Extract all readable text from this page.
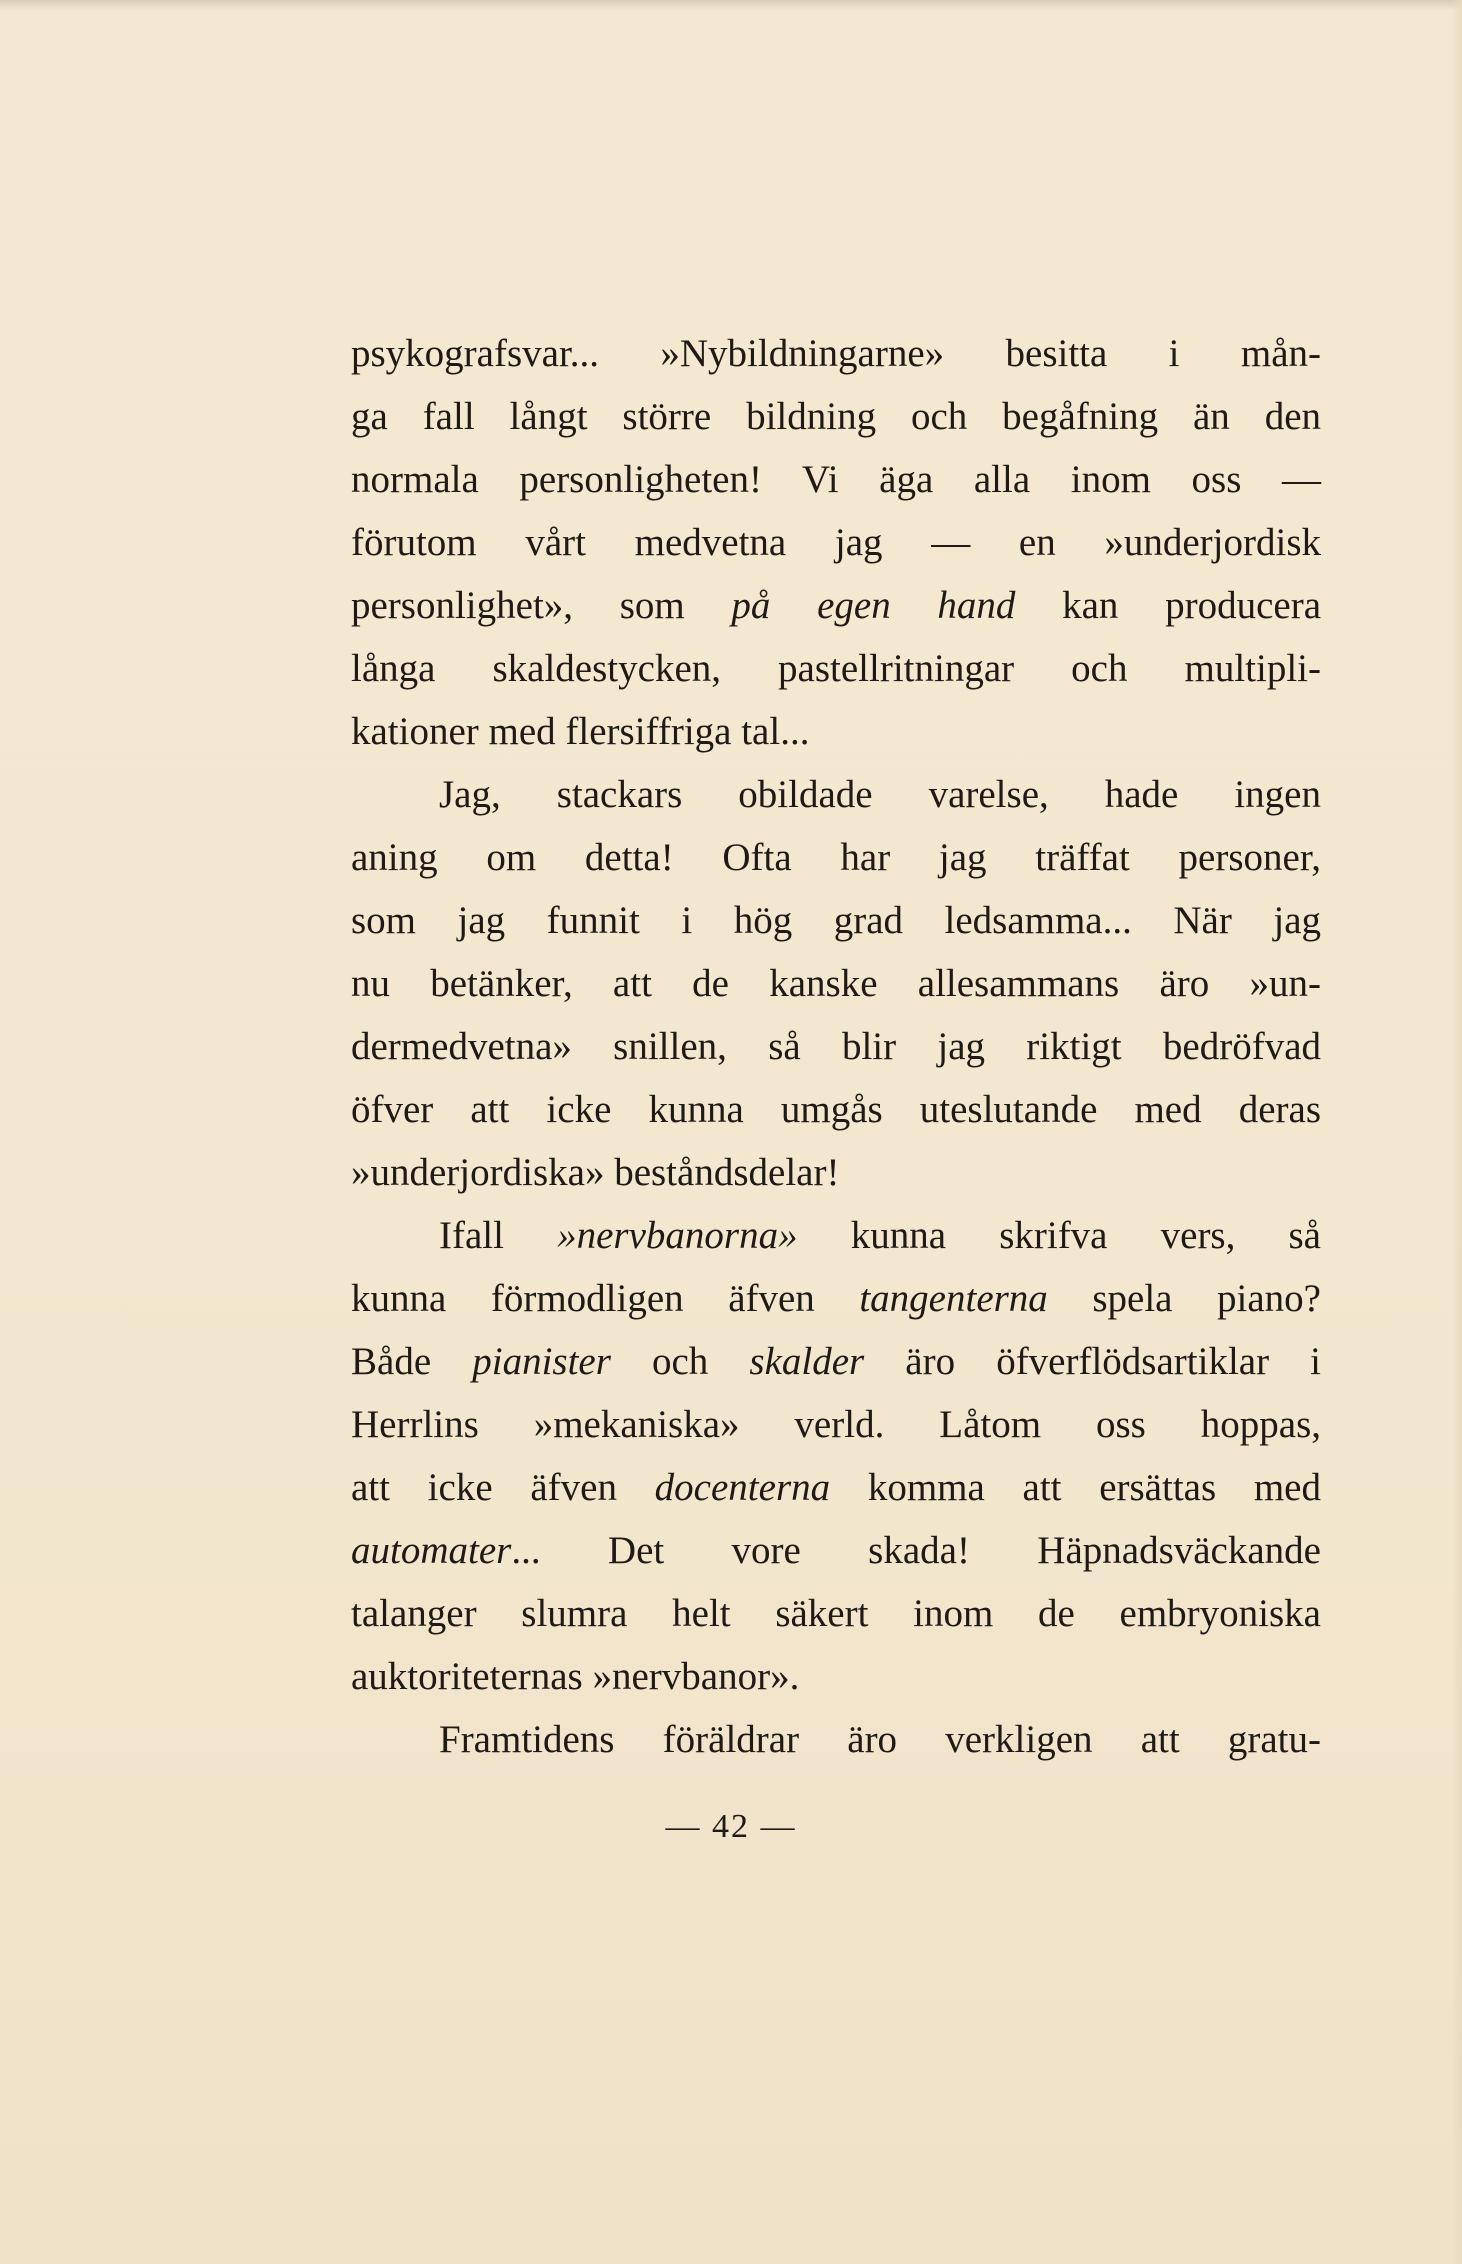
psykografsvar... »Nybildningarne» besitta i mån-
ga fall långt större bildning och begåfning än den
normala personligheten! Vi äga alla inom oss —
förutom vårt medvetna jag — en »underjordisk
personlighet», som på egen hand kan producera
långa skaldestycken, pastellritningar och multipli-
kationer med flersiffriga tal...
Jag, stackars obildade varelse, hade ingen
aning om detta! Ofta har jag träffat personer,
som jag funnit i hög grad ledsamma... När jag
nu betänker, att de kanske allesammans äro »un-
dermedvetna» snillen, så blir jag riktigt bedröfvad
öfver att icke kunna umgås uteslutande med deras
»underjordiska» beståndsdelar!
Ifall »nervbanorna» kunna skrifva vers, så
kunna förmodligen äfven tangenterna spela piano?
Både pianister och skalder äro öfverflödsartiklar i
Herrlins »mekaniska» verld. Låtom oss hoppas,
att icke äfven docenterna komma att ersättas med
automater... Det vore skada! Häpnadsväckande
talanger slumra helt säkert inom de embryoniska
auktoriteternas »nervbanor».
Framtidens föräldrar äro verkligen att gratu-
— 42 —
